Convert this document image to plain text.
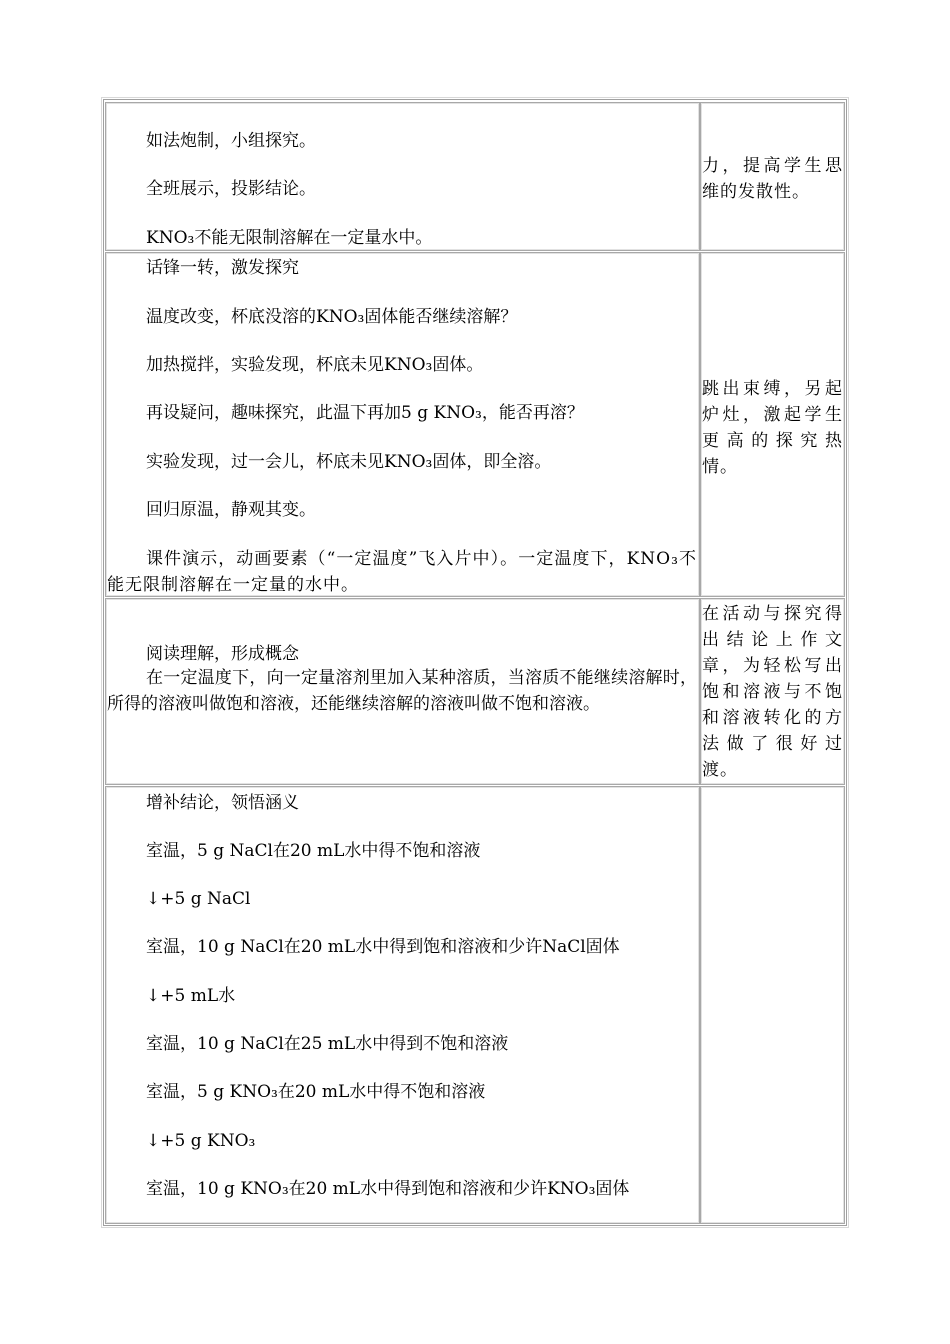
如法炮制，小组探究。
全班展示，投影结论。
KNO₃不能无限制溶解在一定量水中。
力，提高学生思维的发散性。
话锋一转，激发探究
温度改变，杯底没溶的KNO₃固体能否继续溶解？
加热搅拌，实验发现，杯底未见KNO₃固体。
再设疑问，趣味探究，此温下再加5 g KNO₃，能否再溶？
实验发现，过一会儿，杯底未见KNO₃固体，即全溶。
回归原温，静观其变。
课件演示，动画要素（“一定温度”飞入片中）。一定温度下，KNO₃不能无限制溶解在一定量的水中。
跳出束缚，另起炉灶，激起学生更高的探究热情。
阅读理解，形成概念
在一定温度下，向一定量溶剂里加入某种溶质，当溶质不能继续溶解时，所得的溶液叫做饱和溶液，还能继续溶解的溶液叫做不饱和溶液。
在活动与探究得出结论上作文章，为轻松写出饱和溶液与不饱和溶液转化的方法做了很好过渡。
增补结论，领悟涵义
室温，5 g NaCl在20 mL水中得不饱和溶液
↓+5 g NaCl
室温，10 g NaCl在20 mL水中得到饱和溶液和少许NaCl固体
↓+5 mL水
室温，10 g NaCl在25 mL水中得到不饱和溶液
室温，5 g KNO₃在20 mL水中得不饱和溶液
↓+5 g KNO₃
室温，10 g KNO₃在20 mL水中得到饱和溶液和少许KNO₃固体
